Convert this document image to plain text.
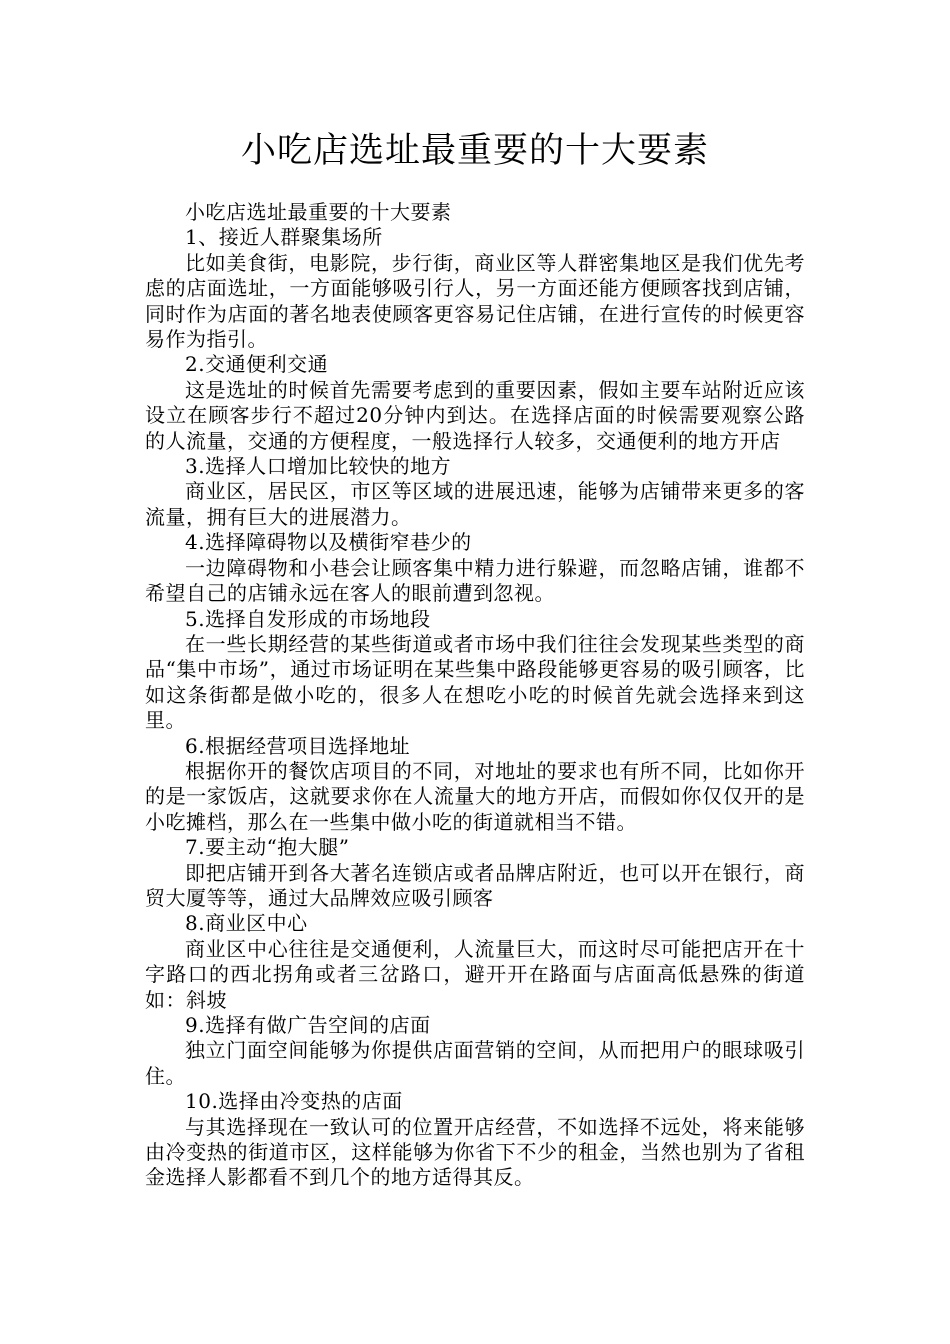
小吃店选址最重要的十大要素

小吃店选址最重要的十大要素

1、接近人群聚集场所

比如美食街，电影院，步行街，商业区等人群密集地区是我们优先考虑的店面选址，一方面能够吸引行人，另一方面还能方便顾客找到店铺，同时作为店面的著名地表使顾客更容易记住店铺，在进行宣传的时候更容易作为指引。

2.交通便利交通

这是选址的时候首先需要考虑到的重要因素，假如主要车站附近应该设立在顾客步行不超过20分钟内到达。在选择店面的时候需要观察公路的人流量，交通的方便程度，一般选择行人较多，交通便利的地方开店

3.选择人口增加比较快的地方

商业区，居民区，市区等区域的进展迅速，能够为店铺带来更多的客流量，拥有巨大的进展潜力。

4.选择障碍物以及横街窄巷少的

一边障碍物和小巷会让顾客集中精力进行躲避，而忽略店铺，谁都不希望自己的店铺永远在客人的眼前遭到忽视。

5.选择自发形成的市场地段

在一些长期经营的某些街道或者市场中我们往往会发现某些类型的商品“集中市场”，通过市场证明在某些集中路段能够更容易的吸引顾客，比如这条街都是做小吃的，很多人在想吃小吃的时候首先就会选择来到这里。

6.根据经营项目选择地址

根据你开的餐饮店项目的不同，对地址的要求也有所不同，比如你开的是一家饭店，这就要求你在人流量大的地方开店，而假如你仅仅开的是小吃摊档，那么在一些集中做小吃的街道就相当不错。

7.要主动“抱大腿”

即把店铺开到各大著名连锁店或者品牌店附近，也可以开在银行，商贸大厦等等，通过大品牌效应吸引顾客

8.商业区中心

商业区中心往往是交通便利，人流量巨大，而这时尽可能把店开在十字路口的西北拐角或者三岔路口，避开开在路面与店面高低悬殊的街道如：斜坡

9.选择有做广告空间的店面

独立门面空间能够为你提供店面营销的空间，从而把用户的眼球吸引住。

10.选择由冷变热的店面

与其选择现在一致认可的位置开店经营，不如选择不远处，将来能够由冷变热的街道市区，这样能够为你省下不少的租金，当然也别为了省租金选择人影都看不到几个的地方适得其反。
